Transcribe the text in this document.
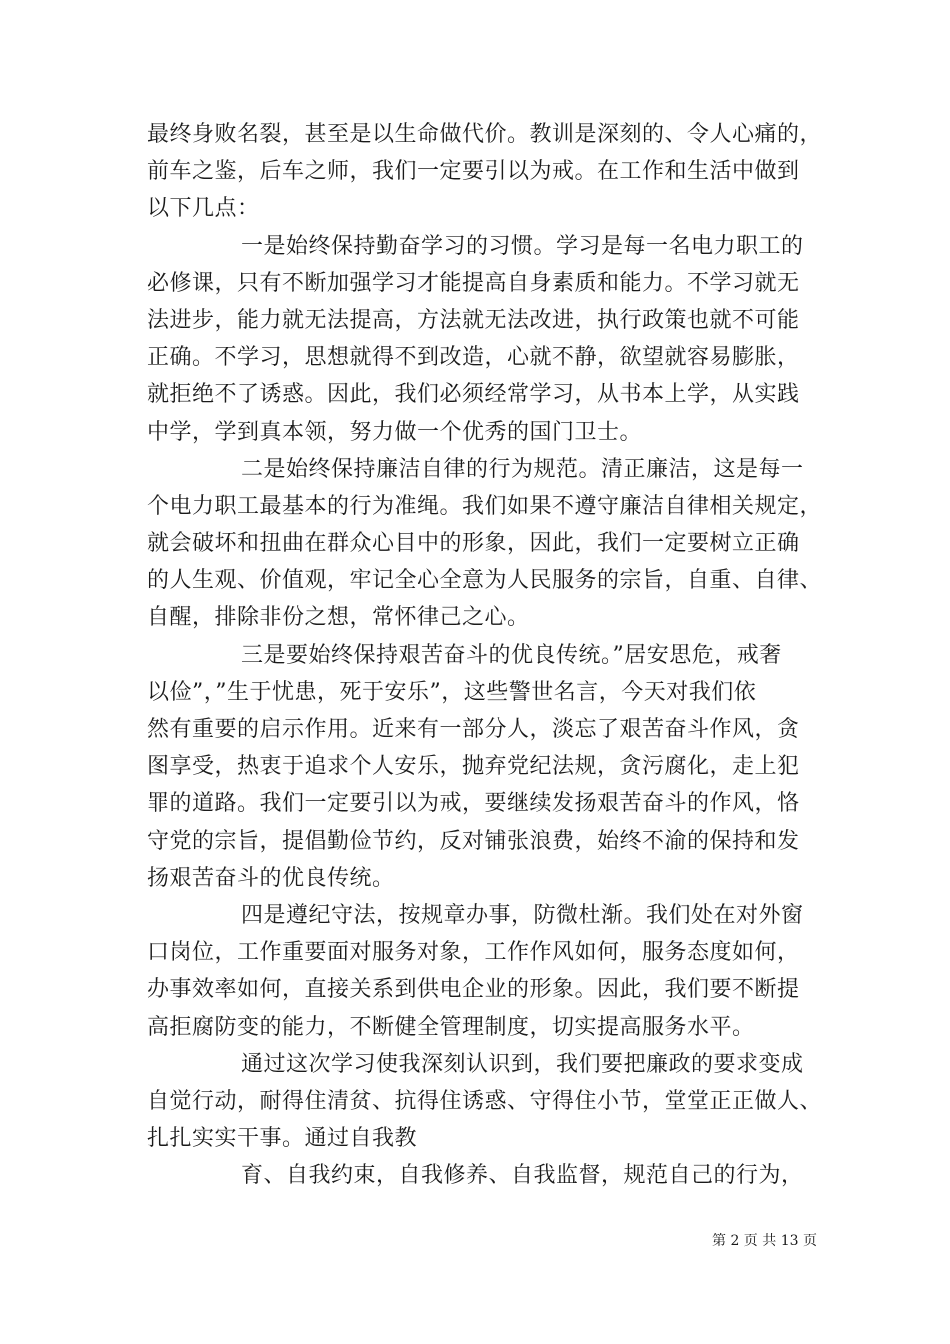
最终身败名裂，甚至是以生命做代价。教训是深刻的、令人心痛的，
前车之鉴，后车之师，我们一定要引以为戒。在工作和生活中做到
以下几点：
一是始终保持勤奋学习的习惯。学习是每一名电力职工的
必修课，只有不断加强学习才能提高自身素质和能力。不学习就无
法进步，能力就无法提高，方法就无法改进，执行政策也就不可能
正确。不学习，思想就得不到改造，心就不静，欲望就容易膨胀，
就拒绝不了诱惑。因此，我们必须经常学习，从书本上学，从实践
中学，学到真本领，努力做一个优秀的国门卫士。
二是始终保持廉洁自律的行为规范。清正廉洁，这是每一
个电力职工最基本的行为准绳。我们如果不遵守廉洁自律相关规定，
就会破坏和扭曲在群众心目中的形象，因此，我们一定要树立正确
的人生观、价值观，牢记全心全意为人民服务的宗旨，自重、自律、
自醒，排除非份之想，常怀律己之心。
三是要始终保持艰苦奋斗的优良传统。”居安思危，戒奢
以俭”，”生于忧患，死于安乐”，这些警世名言，今天对我们依
然有重要的启示作用。近来有一部分人，淡忘了艰苦奋斗作风，贪
图享受，热衷于追求个人安乐，抛弃党纪法规，贪污腐化，走上犯
罪的道路。我们一定要引以为戒，要继续发扬艰苦奋斗的作风，恪
守党的宗旨，提倡勤俭节约，反对铺张浪费，始终不渝的保持和发
扬艰苦奋斗的优良传统。
四是遵纪守法，按规章办事，防微杜渐。我们处在对外窗
口岗位，工作重要面对服务对象，工作作风如何，服务态度如何，
办事效率如何，直接关系到供电企业的形象。因此，我们要不断提
高拒腐防变的能力，不断健全管理制度，切实提高服务水平。
通过这次学习使我深刻认识到，我们要把廉政的要求变成
自觉行动，耐得住清贫、抗得住诱惑、守得住小节，堂堂正正做人、
扎扎实实干事。通过自我教
育、自我约束，自我修养、自我监督，规范自己的行为，
第 2 页 共 13 页
